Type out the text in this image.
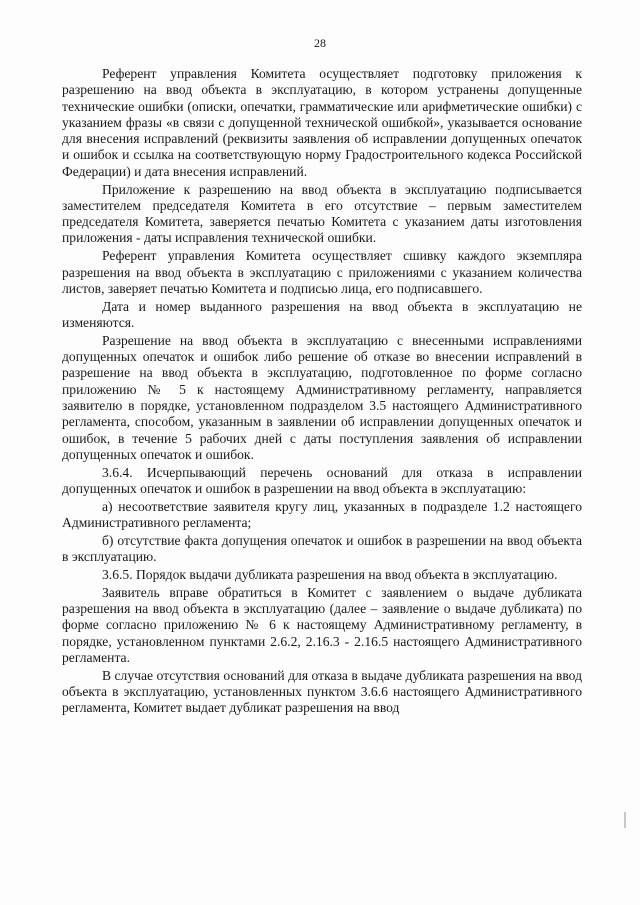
28

Референт управления Комитета осуществляет подготовку приложения к разрешению на ввод объекта в эксплуатацию, в котором устранены допущенные технические ошибки (описки, опечатки, грамматические или арифметические ошибки) с указанием фразы «в связи с допущенной технической ошибкой», указывается основание для внесения исправлений (реквизиты заявления об исправлении допущенных опечаток и ошибок и ссылка на соответствующую норму Градостроительного кодекса Российской Федерации) и дата внесения исправлений.

Приложение к разрешению на ввод объекта в эксплуатацию подписывается заместителем председателя Комитета в его отсутствие – первым заместителем председателя Комитета, заверяется печатью Комитета с указанием даты изготовления приложения - даты исправления технической ошибки.

Референт управления Комитета осуществляет сшивку каждого экземпляра разрешения на ввод объекта в эксплуатацию с приложениями с указанием количества листов, заверяет печатью Комитета и подписью лица, его подписавшего.

Дата и номер выданного разрешения на ввод объекта в эксплуатацию не изменяются.

Разрешение на ввод объекта в эксплуатацию с внесенными исправлениями допущенных опечаток и ошибок либо решение об отказе во внесении исправлений в разрешение на ввод объекта в эксплуатацию, подготовленное по форме согласно приложению № 5 к настоящему Административному регламенту, направляется заявителю в порядке, установленном подразделом 3.5 настоящего Административного регламента, способом, указанным в заявлении об исправлении допущенных опечаток и ошибок, в течение 5 рабочих дней с даты поступления заявления об исправлении допущенных опечаток и ошибок.

3.6.4. Исчерпывающий перечень оснований для отказа в исправлении допущенных опечаток и ошибок в разрешении на ввод объекта в эксплуатацию:

а) несоответствие заявителя кругу лиц, указанных в подразделе 1.2 настоящего Административного регламента;

б) отсутствие факта допущения опечаток и ошибок в разрешении на ввод объекта в эксплуатацию.

3.6.5. Порядок выдачи дубликата разрешения на ввод объекта в эксплуатацию.

Заявитель вправе обратиться в Комитет с заявлением о выдаче дубликата разрешения на ввод объекта в эксплуатацию (далее – заявление о выдаче дубликата) по форме согласно приложению № 6 к настоящему Административному регламенту, в порядке, установленном пунктами 2.6.2, 2.16.3 - 2.16.5 настоящего Административного регламента.

В случае отсутствия оснований для отказа в выдаче дубликата разрешения на ввод объекта в эксплуатацию, установленных пунктом 3.6.6 настоящего Административного регламента, Комитет выдает дубликат разрешения на ввод
